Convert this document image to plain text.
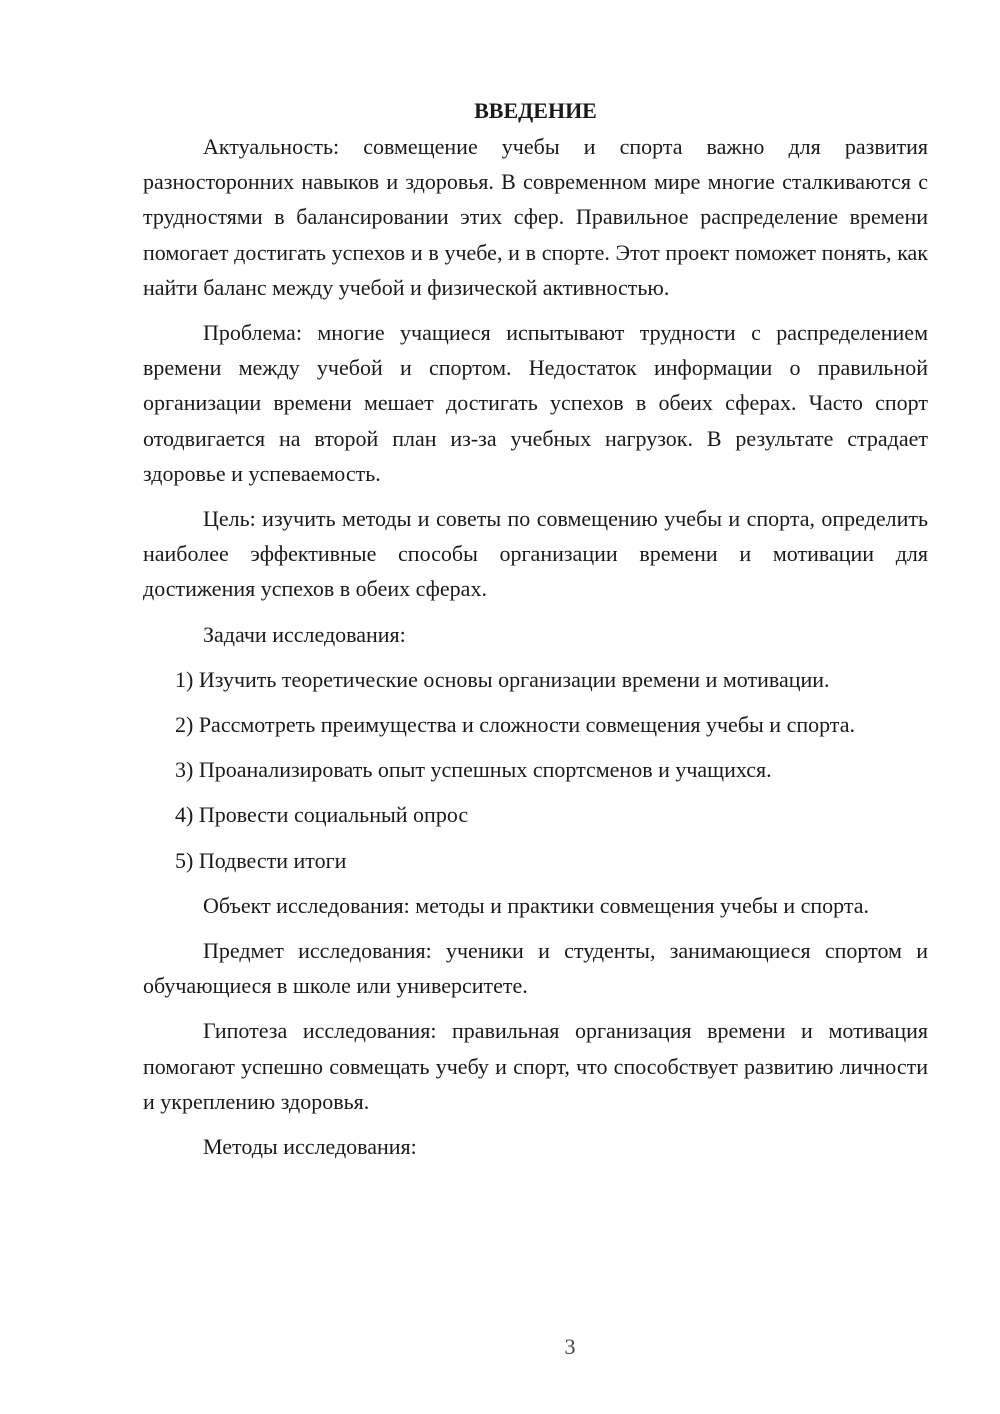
ВВЕДЕНИЕ

Актуальность: совмещение учебы и спорта важно для развития разносторонних навыков и здоровья. В современном мире многие сталкиваются с трудностями в балансировании этих сфер. Правильное распределение времени помогает достигать успехов и в учебе, и в спорте. Этот проект поможет понять, как найти баланс между учебой и физической активностью.

Проблема: многие учащиеся испытывают трудности с распределением времени между учебой и спортом. Недостаток информации о правильной организации времени мешает достигать успехов в обеих сферах. Часто спорт отодвигается на второй план из-за учебных нагрузок. В результате страдает здоровье и успеваемость.

Цель: изучить методы и советы по совмещению учебы и спорта, определить наиболее эффективные способы организации времени и мотивации для достижения успехов в обеих сферах.

Задачи исследования:

1) Изучить теоретические основы организации времени и мотивации.

2) Рассмотреть преимущества и сложности совмещения учебы и спорта.

3) Проанализировать опыт успешных спортсменов и учащихся.

4) Провести социальный опрос

5) Подвести итоги

Объект исследования: методы и практики совмещения учебы и спорта.

Предмет исследования: ученики и студенты, занимающиеся спортом и обучающиеся в школе или университете.

Гипотеза исследования: правильная организация времени и мотивация помогают успешно совмещать учебу и спорт, что способствует развитию личности и укреплению здоровья.

Методы исследования:

3
